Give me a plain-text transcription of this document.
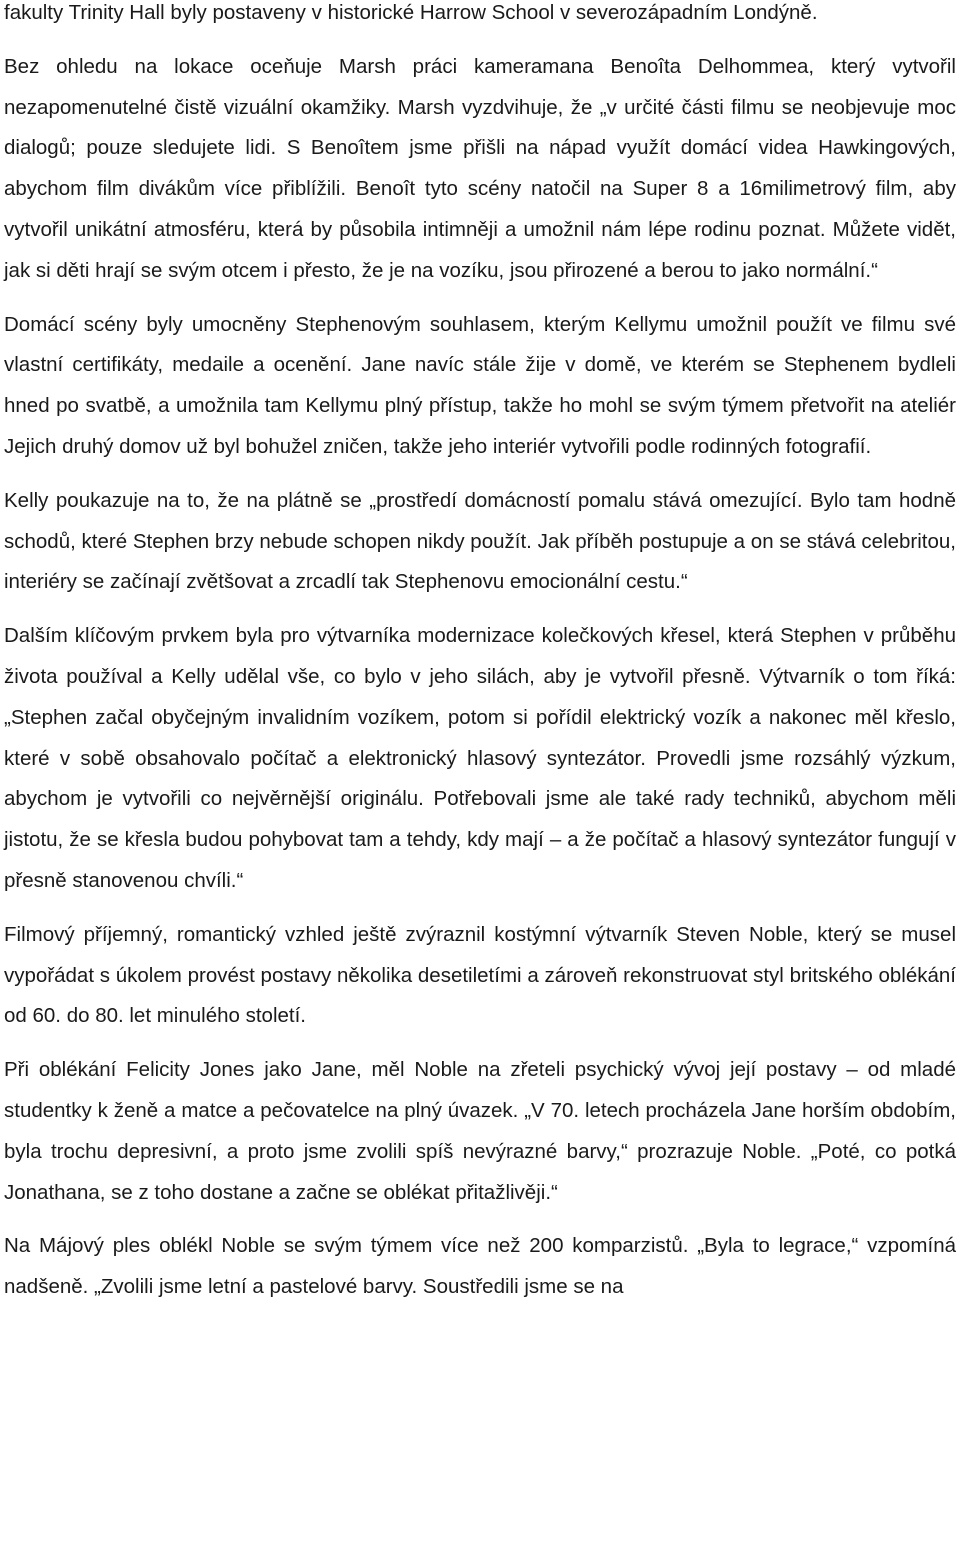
fakulty Trinity Hall byly postaveny v historické Harrow School v severozápadním Londýně.

Bez ohledu na lokace oceňuje Marsh práci kameramana Benoîta Delhommea, který vytvořil nezapomenutelné čistě vizuální okamžiky. Marsh vyzdvihuje, že „v určité části filmu se neobjevuje moc dialogů; pouze sledujete lidi. S Benoîtem jsme přišli na nápad využít domácí videa Hawkingových, abychom film divákům více přiblížili. Benoît tyto scény natočil na Super 8 a 16milimetrový film, aby vytvořil unikátní atmosféru, která by působila intimněji a umožnil nám lépe rodinu poznat. Můžete vidět, jak si děti hrají se svým otcem i přesto, že je na vozíku, jsou přirozené a berou to jako normální.“

Domácí scény byly umocněny Stephenovým souhlasem, kterým Kellymu umožnil použít ve filmu své vlastní certifikáty, medaile a ocenění. Jane navíc stále žije v domě, ve kterém se Stephenem bydleli hned po svatbě, a umožnila tam Kellymu plný přístup, takže ho mohl se svým týmem přetvořit na ateliér Jejich druhý domov už byl bohužel zničen, takže jeho interiér vytvořili podle rodinných fotografií.

Kelly poukazuje na to, že na plátně se „prostředí domácností pomalu stává omezující. Bylo tam hodně schodů, které Stephen brzy nebude schopen nikdy použít. Jak příběh postupuje a on se stává celebritou, interiéry se začínají zvětšovat a zrcadlí tak Stephenovu emocionální cestu.“

Dalším klíčovým prvkem byla pro výtvarníka modernizace kolečkových křesel, která Stephen v průběhu života používal a Kelly udělal vše, co bylo v jeho silách, aby je vytvořil přesně. Výtvarník o tom říká: „Stephen začal obyčejným invalidním vozíkem, potom si pořídil elektrický vozík a nakonec měl křeslo, které v sobě obsahovalo počítač a elektronický hlasový syntezátor. Provedli jsme rozsáhlý výzkum, abychom je vytvořili co nejvěrnější originálu. Potřebovali jsme ale také rady techniků, abychom měli jistotu, že se křesla budou pohybovat tam a tehdy, kdy mají – a že počítač a hlasový syntezátor fungují v přesně stanovenou chvíli.“

Filmový příjemný, romantický vzhled ještě zvýraznil kostýmní výtvarník Steven Noble, který se musel vypořádat s úkolem provést postavy několika desetiletími a zároveň rekonstruovat styl britského oblékání od 60. do 80. let minulého století.

Při oblékání Felicity Jones jako Jane, měl Noble na zřeteli psychický vývoj její postavy – od mladé studentky k ženě a matce a pečovatelce na plný úvazek. „V 70. letech procházela Jane horším obdobím, byla trochu depresivní, a proto jsme zvolili spíš nevýrazné barvy,“ prozrazuje Noble. „Poté, co potká Jonathana, se z toho dostane a začne se oblékat přitažlivěji.“

Na Májový ples oblékl Noble se svým týmem více než 200 komparzistů. „Byla to legrace,“ vzpomíná nadšeně. „Zvolili jsme letní a pastelové barvy. Soustředili jsme se na
